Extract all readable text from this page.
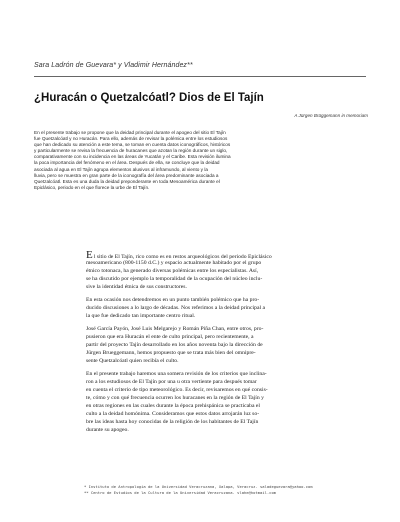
Sara Ladrón de Guevara* y Vladimir Hernández**
¿Huracán o Quetzalcóatl? Dios de El Tajín
A Jürgen Brüggemann in memoriam
En el presente trabajo se propone que la deidad principal durante el apogeo del sitio El Tajín
fue Quetzalcóatl y no Huracán. Para ello, además de revisar la polémica entre los estudiosos
que han dedicado su atención a este tema, se toman en cuenta datos iconográficos, históricos
y particularmente se revisa la frecuencia de huracanes que azotan la región durante un siglo,
comparativamente con su incidencia en las áreas de Yucatán y el Caribe. Esta revisión ilumina
la poca importancia del fenómeno en el área. Después de ella, se concluye que la deidad
asociada al agua en El Tajín agrupa elementos alusivos al inframundo, al viento y la
lluvia, pero se muestra en gran parte de la iconografía del área predominante asociada a
Quetzalcóatl. Esta es una duda la deidad preponderante en toda Mesoamérica durante el
Epiclásico, periodo en el que florece la urbe de El Tajín.
El sitio de El Tajín, rico como es en restos arqueológicos del periodo Epiclásico
mesoamericano (800-1150 d.C.) y espacio actualmente habitado por el grupo
étnico totonaca, ha generado diversas polémicas entre los especialistas. Así,
se ha discutido por ejemplo la temporalidad de la ocupación del núcleo inclu-
sive la identidad étnica de sus constructores.
En esta ocasión nos detendremos en un punto también polémico que ha pro-
ducido discusiones a lo largo de décadas. Nos referimos a la deidad principal a
la que fue dedicado tan importante centro ritual.
José García Payón, José Luis Melgarejo y Román Piña Chan, entre otros, pro-
pusieron que era Huracán el ente de culto principal, pero recientemente, a
partir del proyecto Tajín desarrollado en los años noventa bajo la dirección de
Jürgen Brueggemann, hemos propuesto que se trata más bien del omnipre-
sente Quetzalcóatl quien recibía el culto.
En el presente trabajo haremos una somera revisión de los criterios que inclina-
ron a los estudiosos de El Tajín por una u otra vertiente para después tomar
en cuenta el criterio de tipo meteorológico. Es decir, revisaremos en qué consis-
te, cómo y con qué frecuencia ocurren los huracanes en la región de El Tajín y
en otras regiones en las cuales durante la época prehispánica se practicaba el
culto a la deidad homónima. Consideramos que estos datos arrojarán luz so-
bre las ideas hasta hoy conocidas de la religión de los habitantes de El Tajín
durante su apogeo.
* Instituto de Antropología de la Universidad Veracruzana, Xalapa, Veracruz. saladeguevara@yahoo.com
** Centro de Estudios de la Cultura de la Universidad Veracruzana. vlahe@hotmail.com
